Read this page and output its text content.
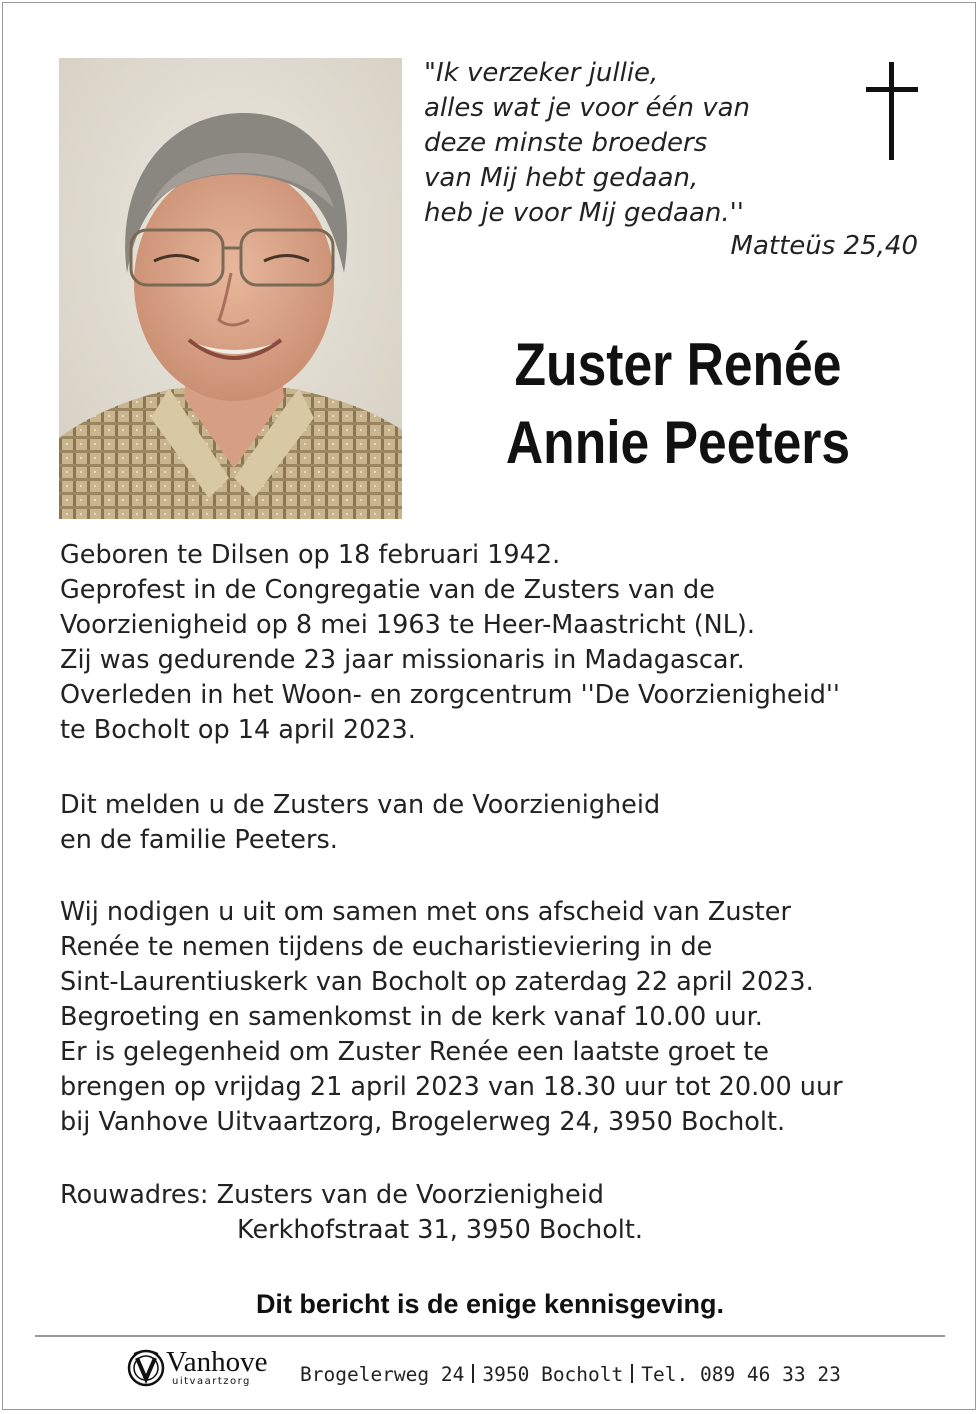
"Ik verzeker jullie,
alles wat je voor één van
deze minste broeders
van Mij hebt gedaan,
heb je voor Mij gedaan.''
Matteüs 25,40
Zuster Renée
Annie Peeters
Geboren te Dilsen op 18 februari 1942.
Geprofest in de Congregatie van de Zusters van de
Voorzienigheid op 8 mei 1963 te Heer-Maastricht (NL).
Zij was gedurende 23 jaar missionaris in Madagascar.
Overleden in het Woon- en zorgcentrum ''De Voorzienigheid''
te Bocholt op 14 april 2023.
Dit melden u de Zusters van de Voorzienigheid
en de familie Peeters.
Wij nodigen u uit om samen met ons afscheid van Zuster
Renée te nemen tijdens de eucharistieviering in de
Sint-Laurentiuskerk van Bocholt op zaterdag 22 april 2023.
Begroeting en samenkomst in de kerk vanaf 10.00 uur.
Er is gelegenheid om Zuster Renée een laatste groet te
brengen op vrijdag 21 april 2023 van 18.30 uur tot 20.00 uur
bij Vanhove Uitvaartzorg, Brogelerweg 24, 3950 Bocholt.
Rouwadres: Zusters van de Voorzienigheid
Kerkhofstraat 31, 3950 Bocholt.
Dit bericht is de enige kennisgeving.
Vanhove
uitvaartzorg	Brogelerweg 24 3950 Bocholt Tel. 089 46 33 23
